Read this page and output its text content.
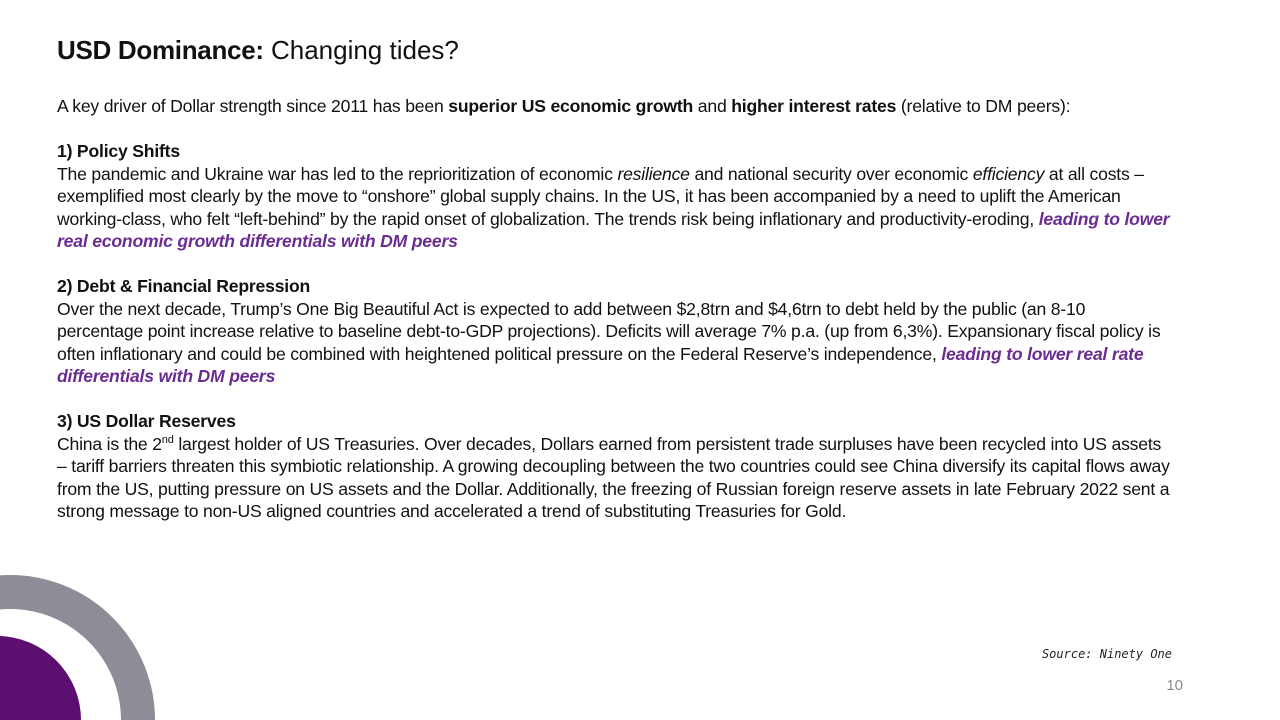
USD Dominance: Changing tides?

A key driver of Dollar strength since 2011 has been superior US economic growth and higher interest rates (relative to DM peers):

1) Policy Shifts

The pandemic and Ukraine war has led to the reprioritization of economic resilience and national security over economic efficiency at all costs – exemplified most clearly by the move to “onshore” global supply chains. In the US, it has been accompanied by a need to uplift the American working-class, who felt “left-behind” by the rapid onset of globalization. The trends risk being inflationary and productivity-eroding, leading to lower real economic growth differentials with DM peers

2) Debt & Financial Repression

Over the next decade, Trump’s One Big Beautiful Act is expected to add between $2,8trn and $4,6trn to debt held by the public (an 8-10 percentage point increase relative to baseline debt-to-GDP projections). Deficits will average 7% p.a. (up from 6,3%). Expansionary fiscal policy is often inflationary and could be combined with heightened political pressure on the Federal Reserve’s independence, leading to lower real rate differentials with DM peers

3) US Dollar Reserves

China is the 2nd largest holder of US Treasuries. Over decades, Dollars earned from persistent trade surpluses have been recycled into US assets – tariff barriers threaten this symbiotic relationship. A growing decoupling between the two countries could see China diversify its capital flows away from the US, putting pressure on US assets and the Dollar. Additionally, the freezing of Russian foreign reserve assets in late February 2022 sent a strong message to non-US aligned countries and accelerated a trend of substituting Treasuries for Gold.

Source: Ninety One
10
